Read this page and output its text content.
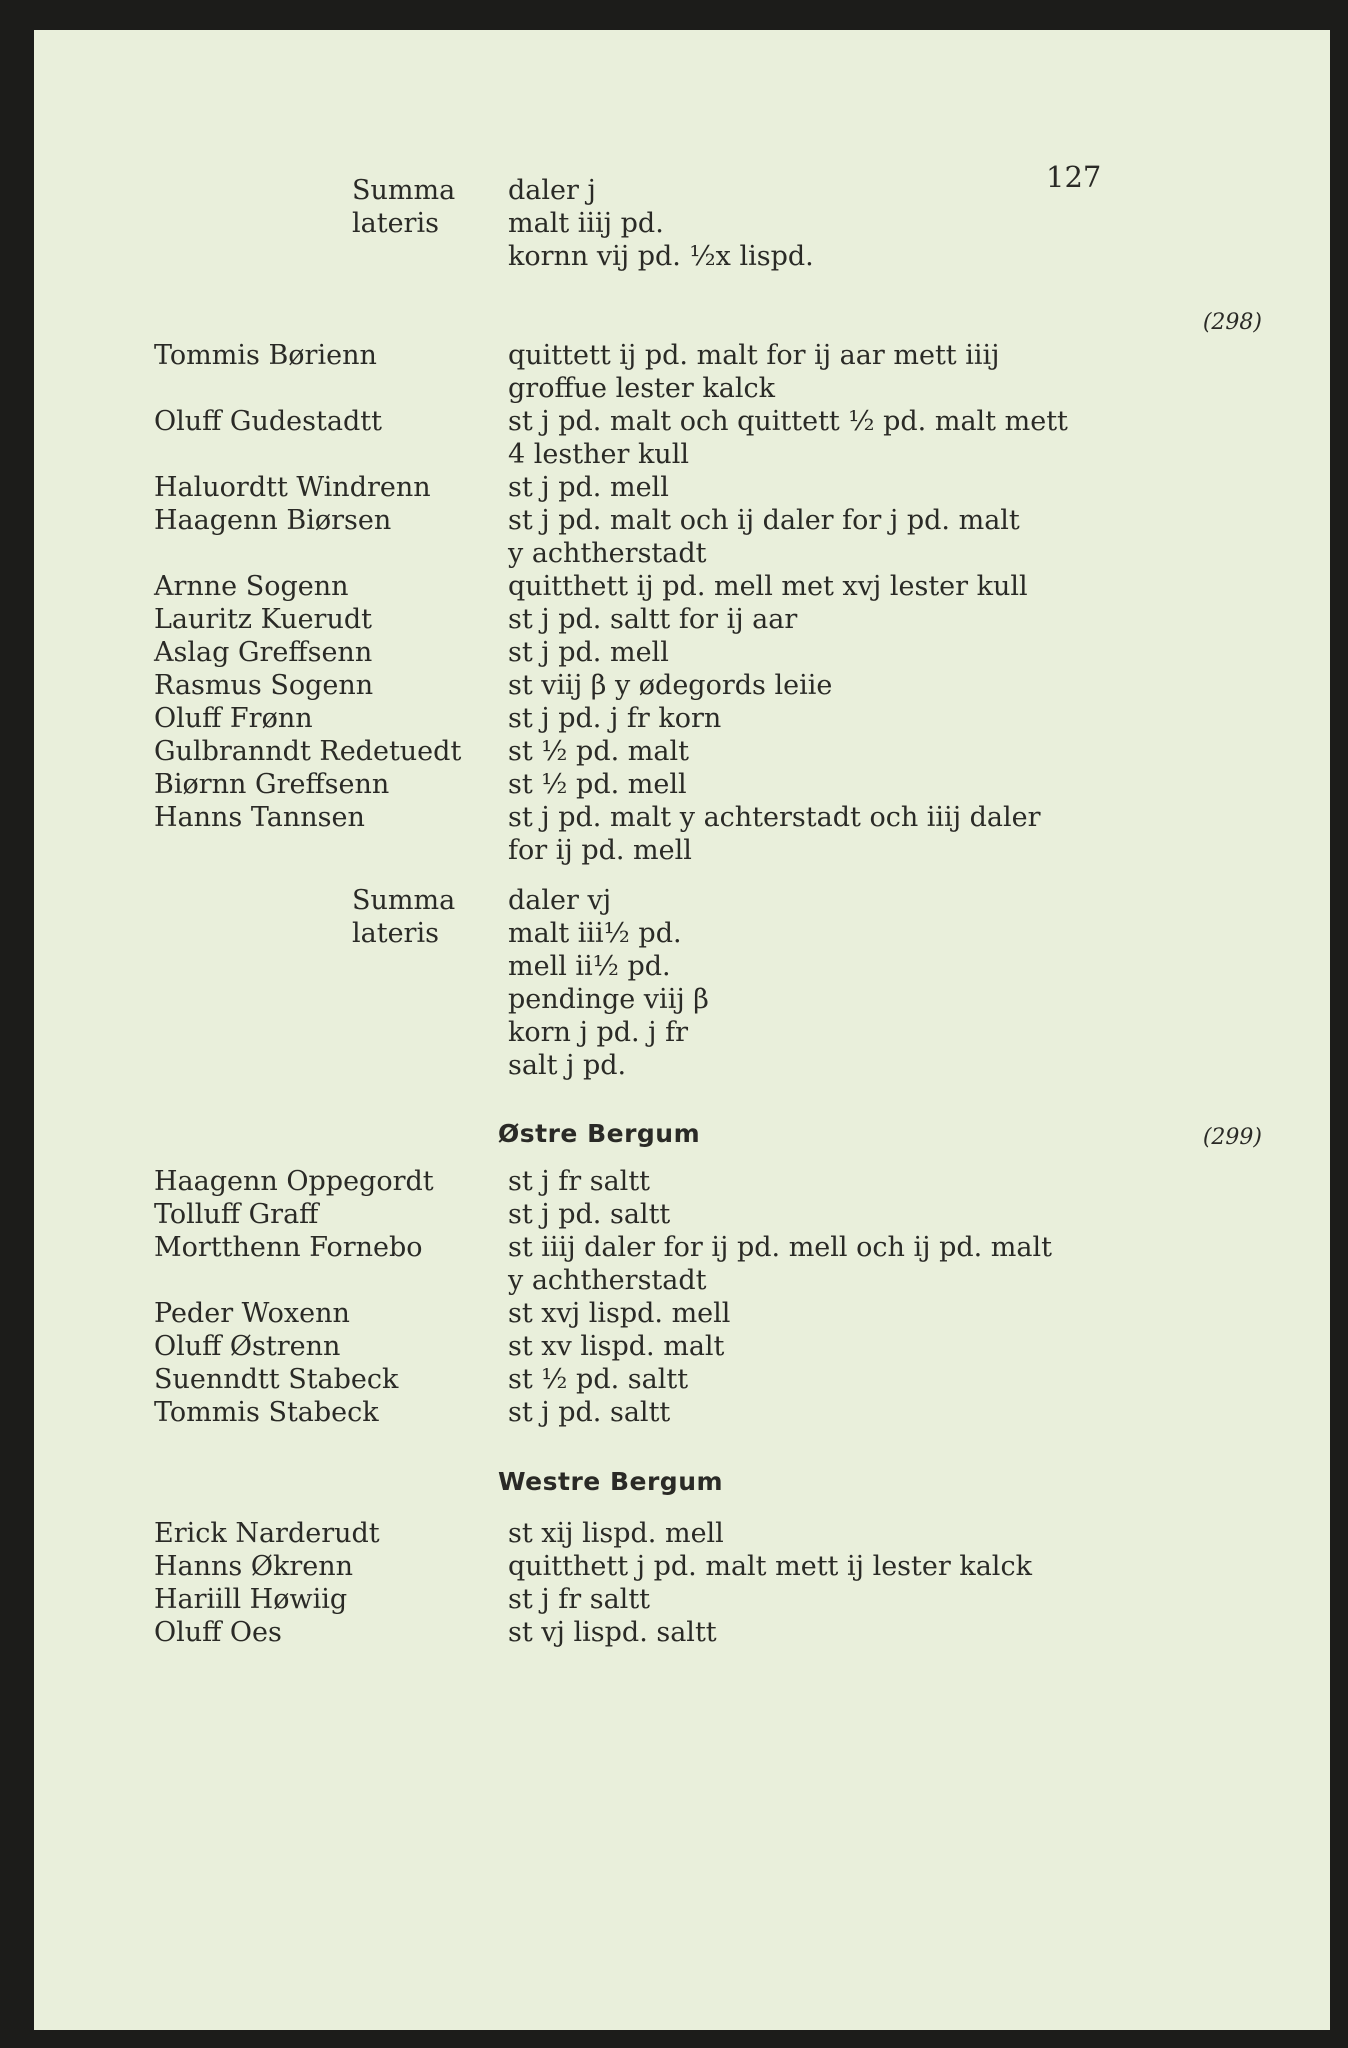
127
Summa
lateris
daler j
malt iiij pd.
kornn vij pd. ½x lispd.
(298)
Tommis Børienn	quittett ij pd. malt for ij aar mett iiij
groffue lester kalck
Oluff Gudestadtt	st j pd. malt och quittett ½ pd. malt mett
4 lesther kull
Haluordtt Windrenn	st j pd. mell
Haagenn Biørsen	st j pd. malt och ij daler for j pd. malt
y achtherstadt
Arnne Sogenn	quitthett ij pd. mell met xvj lester kull
Lauritz Kuerudt	st j pd. saltt for ij aar
Aslag Greffsenn	st j pd. mell
Rasmus Sogenn	st viij β y ødegords leiie
Oluff Frønn	st j pd. j fr korn
Gulbranndt Redetuedt st ½ pd. malt
Biørnn Greffsenn	st ½ pd. mell
Hanns Tannsen	st j pd. malt y achterstadt och iiij daler
for ij pd. mell
Summa
lateris
daler vj
malt iii½ pd.
mell ii½ pd.
pendinge viij β
korn j pd. j fr
salt j pd.
Østre Bergum	(299)
Haagenn Oppegordt	st j fr saltt
Tolluff Graff	st j pd. saltt
Mortthenn Fornebo	st iiij daler for ij pd. mell och ij pd. malt
y achtherstadt
Peder Woxenn	st xvj lispd. mell
Oluff Østrenn	st xv lispd. malt
Suenndtt Stabeck	st ½ pd. saltt
Tommis Stabeck	st j pd. saltt
Westre Bergum
Erick Narderudt	st xij lispd. mell
Hanns Økrenn	quitthett j pd. malt mett ij lester kalck
Hariill Høwiig	st j fr saltt
Oluff Oes	st vj lispd. saltt
